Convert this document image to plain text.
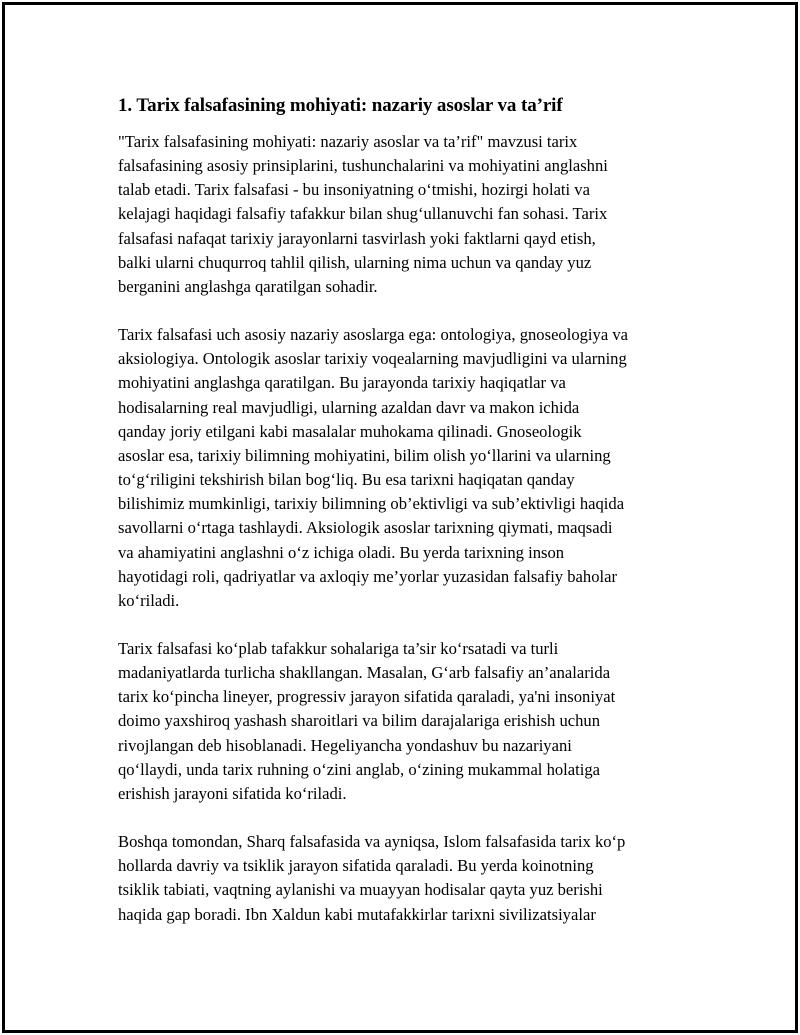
1. Tarix falsafasining mohiyati: nazariy asoslar va ta’rif

"Tarix falsafasining mohiyati: nazariy asoslar va ta’rif" mavzusi tarix
falsafasining asosiy prinsiplarini, tushunchalarini va mohiyatini anglashni
talab etadi. Tarix falsafasi - bu insoniyatning o‘tmishi, hozirgi holati va
kelajagi haqidagi falsafiy tafakkur bilan shug‘ullanuvchi fan sohasi. Tarix
falsafasi nafaqat tarixiy jarayonlarni tasvirlash yoki faktlarni qayd etish,
balki ularni chuqurroq tahlil qilish, ularning nima uchun va qanday yuz
berganini anglashga qaratilgan sohadir.

Tarix falsafasi uch asosiy nazariy asoslarga ega: ontologiya, gnoseologiya va
aksiologiya. Ontologik asoslar tarixiy voqealarning mavjudligini va ularning
mohiyatini anglashga qaratilgan. Bu jarayonda tarixiy haqiqatlar va
hodisalarning real mavjudligi, ularning azaldan davr va makon ichida
qanday joriy etilgani kabi masalalar muhokama qilinadi. Gnoseologik
asoslar esa, tarixiy bilimning mohiyatini, bilim olish yo‘llarini va ularning
to‘g‘riligini tekshirish bilan bog‘liq. Bu esa tarixni haqiqatan qanday
bilishimiz mumkinligi, tarixiy bilimning ob’ektivligi va sub’ektivligi haqida
savollarni o‘rtaga tashlaydi. Aksiologik asoslar tarixning qiymati, maqsadi
va ahamiyatini anglashni o‘z ichiga oladi. Bu yerda tarixning inson
hayotidagi roli, qadriyatlar va axloqiy me’yorlar yuzasidan falsafiy baholar
ko‘riladi.

Tarix falsafasi ko‘plab tafakkur sohalariga ta’sir ko‘rsatadi va turli
madaniyatlarda turlicha shakllangan. Masalan, G‘arb falsafiy an’analarida
tarix ko‘pincha lineyer, progressiv jarayon sifatida qaraladi, ya'ni insoniyat
doimo yaxshiroq yashash sharoitlari va bilim darajalariga erishish uchun
rivojlangan deb hisoblanadi. Hegeliyancha yondashuv bu nazariyani
qo‘llaydi, unda tarix ruhning o‘zini anglab, o‘zining mukammal holatiga
erishish jarayoni sifatida ko‘riladi.

Boshqa tomondan, Sharq falsafasida va ayniqsa, Islom falsafasida tarix ko‘p
hollarda davriy va tsiklik jarayon sifatida qaraladi. Bu yerda koinotning
tsiklik tabiati, vaqtning aylanishi va muayyan hodisalar qayta yuz berishi
haqida gap boradi. Ibn Xaldun kabi mutafakkirlar tarixni sivilizatsiyalar
